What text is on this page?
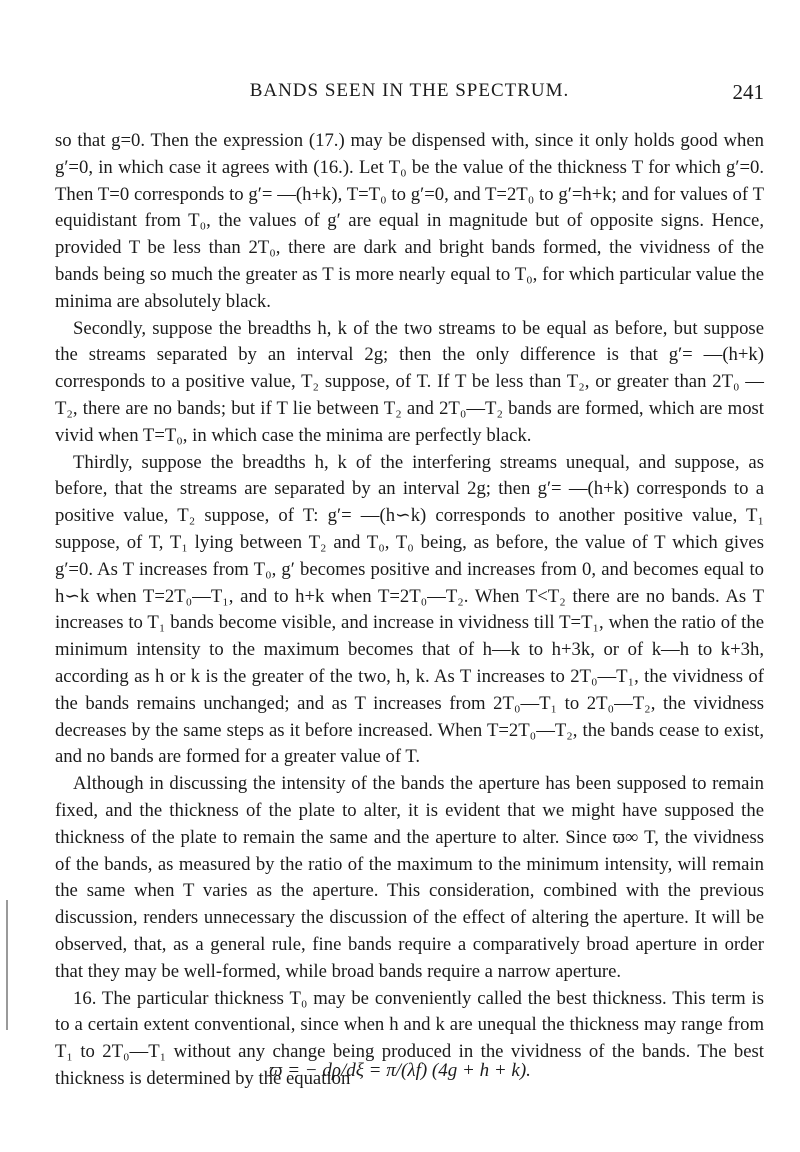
BANDS SEEN IN THE SPECTRUM.	241

so that g=0. Then the expression (17.) may be dispensed with, since it only holds good when g′=0, in which case it agrees with (16.). Let T₀ be the value of the thickness T for which g′=0. Then T=0 corresponds to g′= —(h+k), T=T₀ to g′=0, and T=2T₀ to g′=h+k; and for values of T equidistant from T₀, the values of g′ are equal in magnitude but of opposite signs. Hence, provided T be less than 2T₀, there are dark and bright bands formed, the vividness of the bands being so much the greater as T is more nearly equal to T₀, for which particular value the minima are absolutely black.

Secondly, suppose the breadths h, k of the two streams to be equal as before, but suppose the streams separated by an interval 2g; then the only difference is that g′= —(h+k) corresponds to a positive value, T₂ suppose, of T. If T be less than T₂, or greater than 2T₀ — T₂, there are no bands; but if T lie between T₂ and 2T₀—T₂ bands are formed, which are most vivid when T=T₀, in which case the minima are perfectly black.

Thirdly, suppose the breadths h, k of the interfering streams unequal, and suppose, as before, that the streams are separated by an interval 2g; then g′= —(h+k) corresponds to a positive value, T₂ suppose, of T: g′= —(h∽k) corresponds to another positive value, T₁ suppose, of T, T₁ lying between T₂ and T₀, T₀ being, as before, the value of T which gives g′=0. As T increases from T₀, g′ becomes positive and increases from 0, and becomes equal to h∽k when T=2T₀—T₁, and to h+k when T=2T₀—T₂. When T<T₂ there are no bands. As T increases to T₁ bands become visible, and increase in vividness till T=T₁, when the ratio of the minimum intensity to the maximum becomes that of h—k to h+3k, or of k—h to k+3h, according as h or k is the greater of the two, h, k. As T increases to 2T₀—T₁, the vividness of the bands remains unchanged; and as T increases from 2T₀—T₁ to 2T₀—T₂, the vividness decreases by the same steps as it before increased. When T=2T₀—T₂, the bands cease to exist, and no bands are formed for a greater value of T.

Although in discussing the intensity of the bands the aperture has been supposed to remain fixed, and the thickness of the plate to alter, it is evident that we might have supposed the thickness of the plate to remain the same and the aperture to alter. Since ϖ∞ T, the vividness of the bands, as measured by the ratio of the maximum to the minimum intensity, will remain the same when T varies as the aperture. This consideration, combined with the previous discussion, renders unnecessary the discussion of the effect of altering the aperture. It will be observed, that, as a general rule, fine bands require a comparatively broad aperture in order that they may be well-formed, while broad bands require a narrow aperture.

16. The particular thickness T₀ may be conveniently called the best thickness. This term is to a certain extent conventional, since when h and k are unequal the thickness may range from T₁ to 2T₀—T₁ without any change being produced in the vividness of the bands. The best thickness is determined by the equation

ϖ = − dρ/dξ = π/(λf) (4g + h + k).
